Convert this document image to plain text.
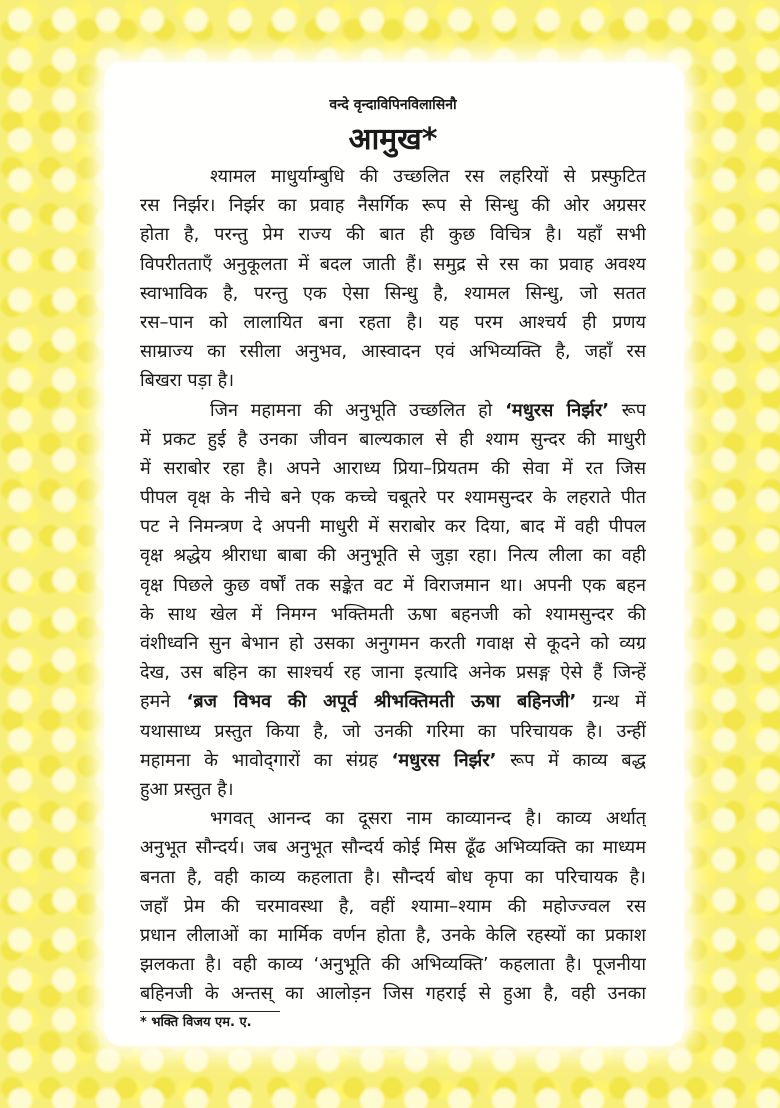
वन्दे वृन्दाविपिनविलासिनौ
आमुख*
श्यामल माधुर्याम्बुधि की उच्छलित रस लहरियों से प्रस्फुटित
रस निर्झर। निर्झर का प्रवाह नैसर्गिक रूप से सिन्धु की ओर अग्रसर
होता है, परन्तु प्रेम राज्य की बात ही कुछ विचित्र है। यहाँ सभी
विपरीतताएँ अनुकूलता में बदल जाती हैं। समुद्र से रस का प्रवाह अवश्य
स्वाभाविक है, परन्तु एक ऐसा सिन्धु है, श्यामल सिन्धु, जो सतत
रस–पान को लालायित बना रहता है। यह परम आश्चर्य ही प्रणय
साम्राज्य का रसीला अनुभव, आस्वादन एवं अभिव्यक्ति है, जहाँ रस
बिखरा पड़ा है।
जिन महामना की अनुभूति उच्छलित हो ‘मधुरस निर्झर’ रूप
में प्रकट हुई है उनका जीवन बाल्यकाल से ही श्याम सुन्दर की माधुरी
में सराबोर रहा है। अपने आराध्य प्रिया–प्रियतम की सेवा में रत जिस
पीपल वृक्ष के नीचे बने एक कच्चे चबूतरे पर श्यामसुन्दर के लहराते पीत
पट ने निमन्त्रण दे अपनी माधुरी में सराबोर कर दिया, बाद में वही पीपल
वृक्ष श्रद्धेय श्रीराधा बाबा की अनुभूति से जुड़ा रहा। नित्य लीला का वही
वृक्ष पिछले कुछ वर्षों तक सङ्केत वट में विराजमान था। अपनी एक बहन
के साथ खेल में निमग्न भक्तिमती ऊषा बहनजी को श्यामसुन्दर की
वंशीध्वनि सुन बेभान हो उसका अनुगमन करती गवाक्ष से कूदने को व्यग्र
देख, उस बहिन का साश्चर्य रह जाना इत्यादि अनेक प्रसङ्ग ऐसे हैं जिन्हें
हमने ‘ब्रज विभव की अपूर्व श्रीभक्तिमती ऊषा बहिनजी’ ग्रन्थ में
यथासाध्य प्रस्तुत किया है, जो उनकी गरिमा का परिचायक है। उन्हीं
महामना के भावोद्‌गारों का संग्रह ‘मधुरस निर्झर’ रूप में काव्य बद्ध
हुआ प्रस्तुत है।
भगवत् आनन्द का दूसरा नाम काव्यानन्द है। काव्य अर्थात्
अनुभूत सौन्दर्य। जब अनुभूत सौन्दर्य कोई मिस ढूँढ अभिव्यक्ति का माध्यम
बनता है, वही काव्य कहलाता है। सौन्दर्य बोध कृपा का परिचायक है।
जहाँ प्रेम की चरमावस्था है, वहीं श्यामा–श्याम की महोज्ज्वल रस
प्रधान लीलाओं का मार्मिक वर्णन होता है, उनके केलि रहस्यों का प्रकाश
झलकता है। वही काव्य ‘अनुभूति की अभिव्यक्ति’ कहलाता है। पूजनीया
बहिनजी के अन्तस् का आलोड़न जिस गहराई से हुआ है, वही उनका
* भक्ति विजय एम. ए.
